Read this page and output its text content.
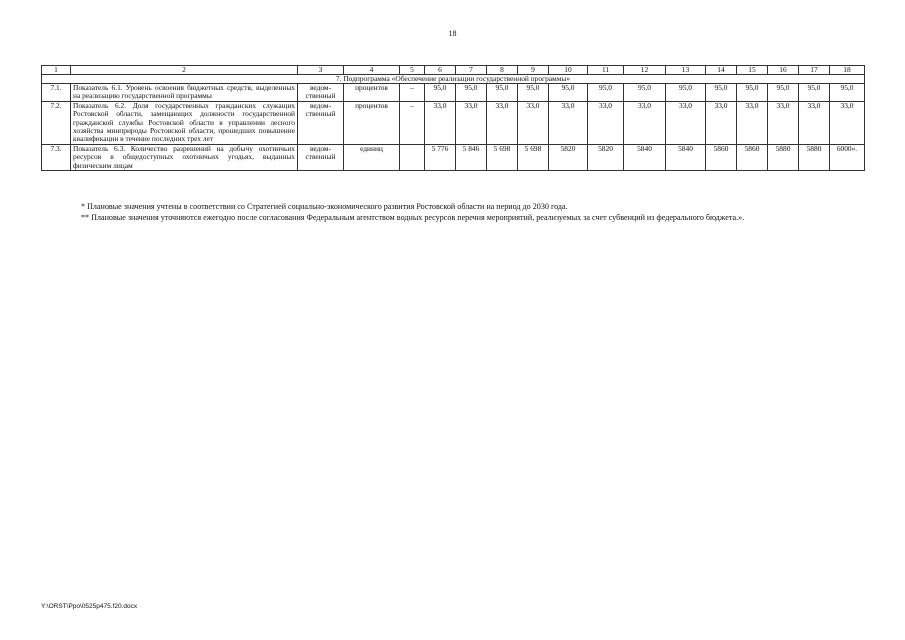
18
1	2	3	4	5	6	7	8	9	10	11	12	13	14	15	16	17	18
7. Подпрограмма «Обеспечение реализации государственной программы»																	
7.1.	Показатель 6.1. Уровень освоения бюджетных средств, выделенных на реализацию государственной программы	ведом-ственный	процентов	–	95,0	95,0	95,0	95,0	95,0	95,0	95,0	95,0	95,0	95,0	95,0	95,0	95,0
7.2.	Показатель 6.2. Доля государственных гражданских служащих Ростовской области, замещающих должности государственной гражданской службы Ростовской области в управлении лесного хозяйства минприроды Ростовской области, прошедших повышение квалификации в течение последних трех лет	ведом-ственный	процентов	–	33,0	33,0	33,0	33,0	33,0	33,0	33,0	33,0	33,0	33,0	33,0	33,0	33,0
7.3.	Показатель 6.3. Количество разрешений на добычу охотничьих ресурсов в общедоступных охотничьих угодьях, выданных физическим лицам	ведом-ственный	единиц		5 776	5 846	5 698	5 698	5820	5820	5840	5840	5860	5860	5880	5880	6000».

* Плановые значения учтены в соответствии со Стратегией социально-экономического развития Ростовской области на период до 2030 года.

** Плановые значения уточняются ежегодно после согласования Федеральным агентством водных ресурсов перечня мероприятий, реализуемых за счет субвенций из федерального бюджета.».

Y:\ORST\Ppo\0525p475.f20.docx
